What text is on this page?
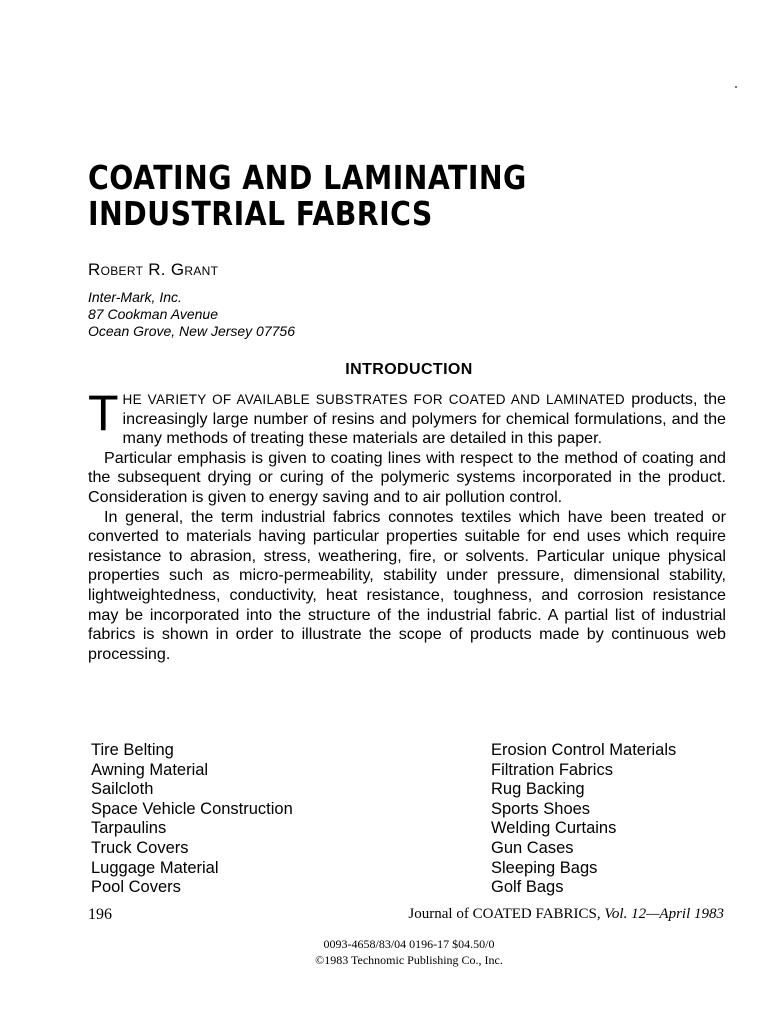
COATING AND LAMINATING
INDUSTRIAL FABRICS
Robert R. Grant
Inter-Mark, Inc.
87 Cookman Avenue
Ocean Grove, New Jersey 07756
INTRODUCTION

THE VARIETY OF AVAILABLE SUBSTRATES FOR COATED AND LAMINATED products, the increasingly large number of resins and polymers for chemical formulations, and the many methods of treating these materials are detailed in this paper.

Particular emphasis is given to coating lines with respect to the method of coating and the subsequent drying or curing of the polymeric systems incorporated in the product. Consideration is given to energy saving and to air pollution control.

In general, the term industrial fabrics connotes textiles which have been treated or converted to materials having particular properties suitable for end uses which require resistance to abrasion, stress, weathering, fire, or solvents. Particular unique physical properties such as micro-permeability, stability under pressure, dimensional stability, lightweightedness, conductivity, heat resistance, toughness, and corrosion resistance may be incorporated into the structure of the industrial fabric. A partial list of industrial fabrics is shown in order to illustrate the scope of products made by continuous web processing.

Tire Belting
Awning Material
Sailcloth
Space Vehicle Construction
Tarpaulins
Truck Covers
Luggage Material
Pool Covers
Erosion Control Materials
Filtration Fabrics
Rug Backing
Sports Shoes
Welding Curtains
Gun Cases
Sleeping Bags
Golf Bags
196	Journal of COATED FABRICS, Vol. 12—April 1983
0093-4658/83/04 0196-17 $04.50/0
©1983 Technomic Publishing Co., Inc.
